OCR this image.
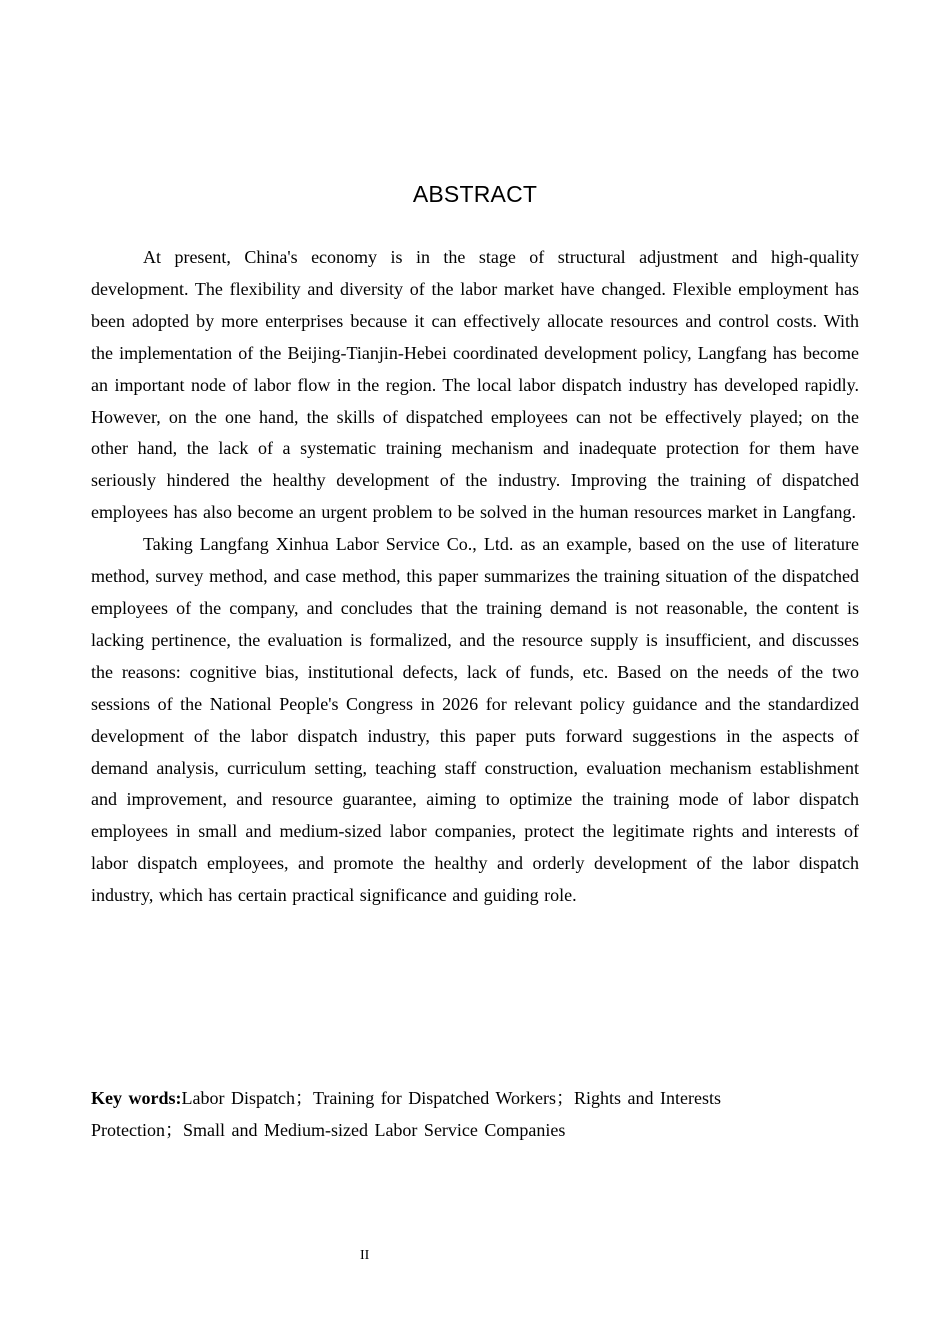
ABSTRACT

At present, China's economy is in the stage of structural adjustment and high-quality development. The flexibility and diversity of the labor market have changed. Flexible employment has been adopted by more enterprises because it can effectively allocate resources and control costs. With the implementation of the Beijing-Tianjin-Hebei coordinated development policy, Langfang has become an important node of labor flow in the region. The local labor dispatch industry has developed rapidly. However, on the one hand, the skills of dispatched employees can not be effectively played; on the other hand, the lack of a systematic training mechanism and inadequate protection for them have seriously hindered the healthy development of the industry. Improving the training of dispatched employees has also become an urgent problem to be solved in the human resources market in Langfang.

Taking Langfang Xinhua Labor Service Co., Ltd. as an example, based on the use of literature method, survey method, and case method, this paper summarizes the training situation of the dispatched employees of the company, and concludes that the training demand is not reasonable, the content is lacking pertinence, the evaluation is formalized, and the resource supply is insufficient, and discusses the reasons: cognitive bias, institutional defects, lack of funds, etc. Based on the needs of the two sessions of the National People's Congress in 2026 for relevant policy guidance and the standardized development of the labor dispatch industry, this paper puts forward suggestions in the aspects of demand analysis, curriculum setting, teaching staff construction, evaluation mechanism establishment and improvement, and resource guarantee, aiming to optimize the training mode of labor dispatch employees in small and medium-sized labor companies, protect the legitimate rights and interests of labor dispatch employees, and promote the healthy and orderly development of the labor dispatch industry, which has certain practical significance and guiding role.

Key words:Labor Dispatch；Training for Dispatched Workers；Rights and Interests
Protection；Small and Medium-sized Labor Service Companies
II
